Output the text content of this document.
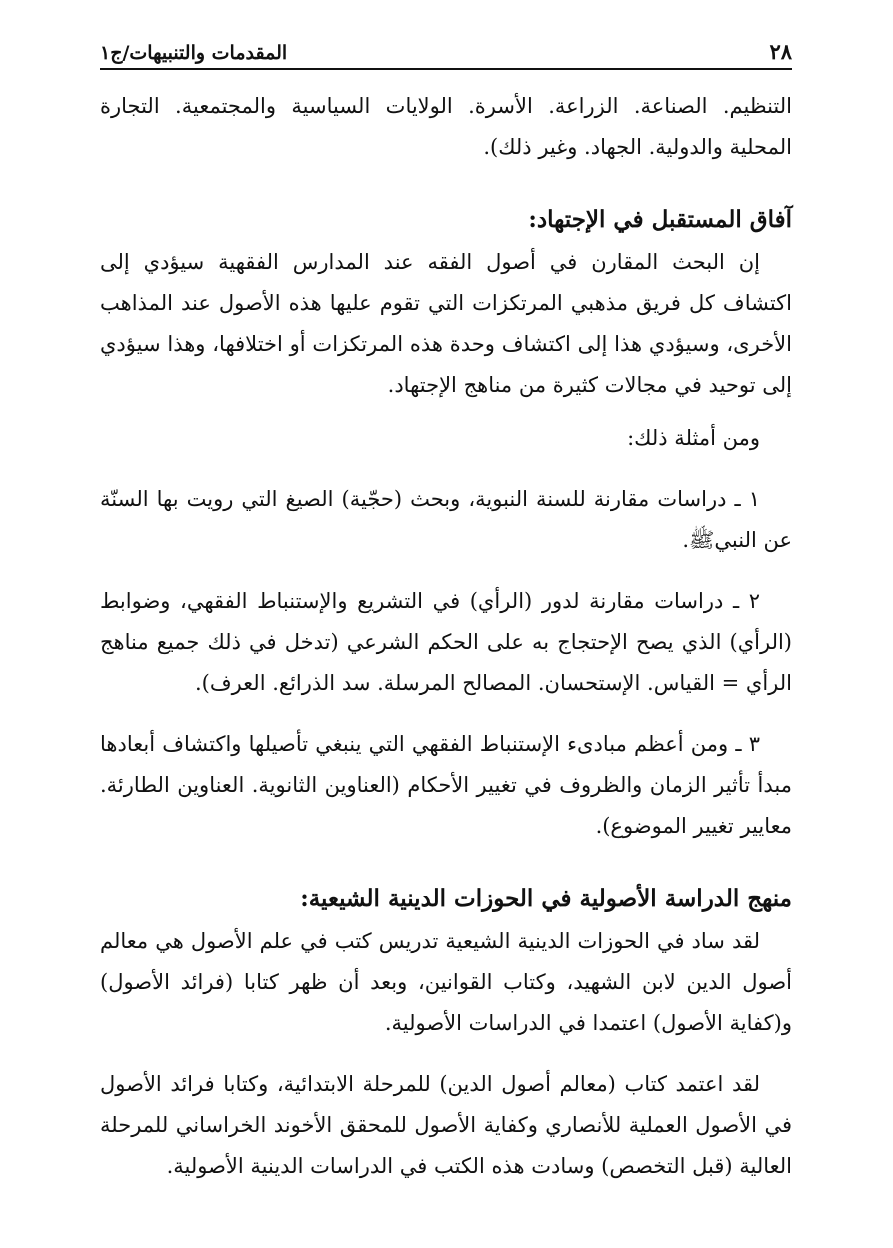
٢٨
المقدمات والتنبيهات/ج١

التنظيم. الصناعة. الزراعة. الأسرة. الولايات السياسية والمجتمعية. التجارة المحلية والدولية. الجهاد. وغير ذلك).

آفاق المستقبل في الإجتهاد:

إن البحث المقارن في أصول الفقه عند المدارس الفقهية سيؤدي إلى اكتشاف كل فريق مذهبي المرتكزات التي تقوم عليها هذه الأصول عند المذاهب الأخرى، وسيؤدي هذا إلى اكتشاف وحدة هذه المرتكزات أو اختلافها، وهذا سيؤدي إلى توحيد في مجالات كثيرة من مناهج الإجتهاد.

ومن أمثلة ذلك:

١ ـ دراسات مقارنة للسنة النبوية، وبحث (حجّية) الصيغ التي رويت بها السنّة عن النبيﷺ.

٢ ـ دراسات مقارنة لدور (الرأي) في التشريع والإستنباط الفقهي، وضوابط (الرأي) الذي يصح الإحتجاج به على الحكم الشرعي (تدخل في ذلك جميع مناهج الرأي = القياس. الإستحسان. المصالح المرسلة. سد الذرائع. العرف).

٣ ـ ومن أعظم مبادىء الإستنباط الفقهي التي ينبغي تأصيلها واكتشاف أبعادها مبدأ تأثير الزمان والظروف في تغيير الأحكام (العناوين الثانوية. العناوين الطارئة. معايير تغيير الموضوع).

منهج الدراسة الأصولية في الحوزات الدينية الشيعية:

لقد ساد في الحوزات الدينية الشيعية تدريس كتب في علم الأصول هي معالم أصول الدين لابن الشهيد، وكتاب القوانين، وبعد أن ظهر كتابا (فرائد الأصول) و(كفاية الأصول) اعتمدا في الدراسات الأصولية.

لقد اعتمد كتاب (معالم أصول الدين) للمرحلة الابتدائية، وكتابا فرائد الأصول في الأصول العملية للأنصاري وكفاية الأصول للمحقق الأخوند الخراساني للمرحلة العالية (قبل التخصص) وسادت هذه الكتب في الدراسات الدينية الأصولية.
